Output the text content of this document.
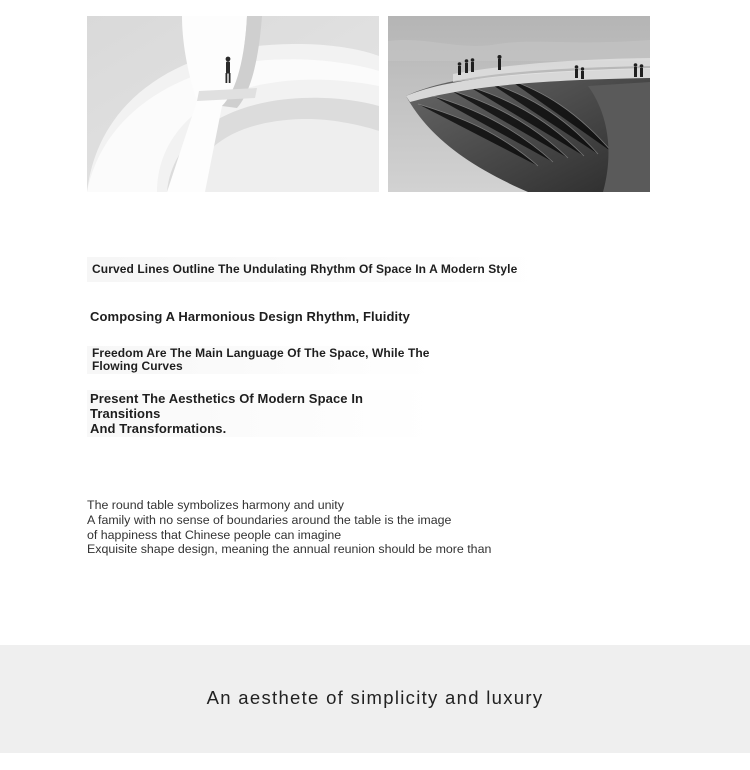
Curved Lines Outline The Undulating Rhythm Of Space In A Modern Style
Composing A Harmonious Design Rhythm, Fluidity
Freedom Are The Main Language Of The Space, While The
Flowing Curves
Present The Aesthetics Of Modern Space In Transitions
And Transformations.
The round table symbolizes harmony and unity
A family with no sense of boundaries around the table is the image
of happiness that Chinese people can imagine
Exquisite shape design, meaning the annual reunion should be more than
An aesthete of simplicity and luxury
